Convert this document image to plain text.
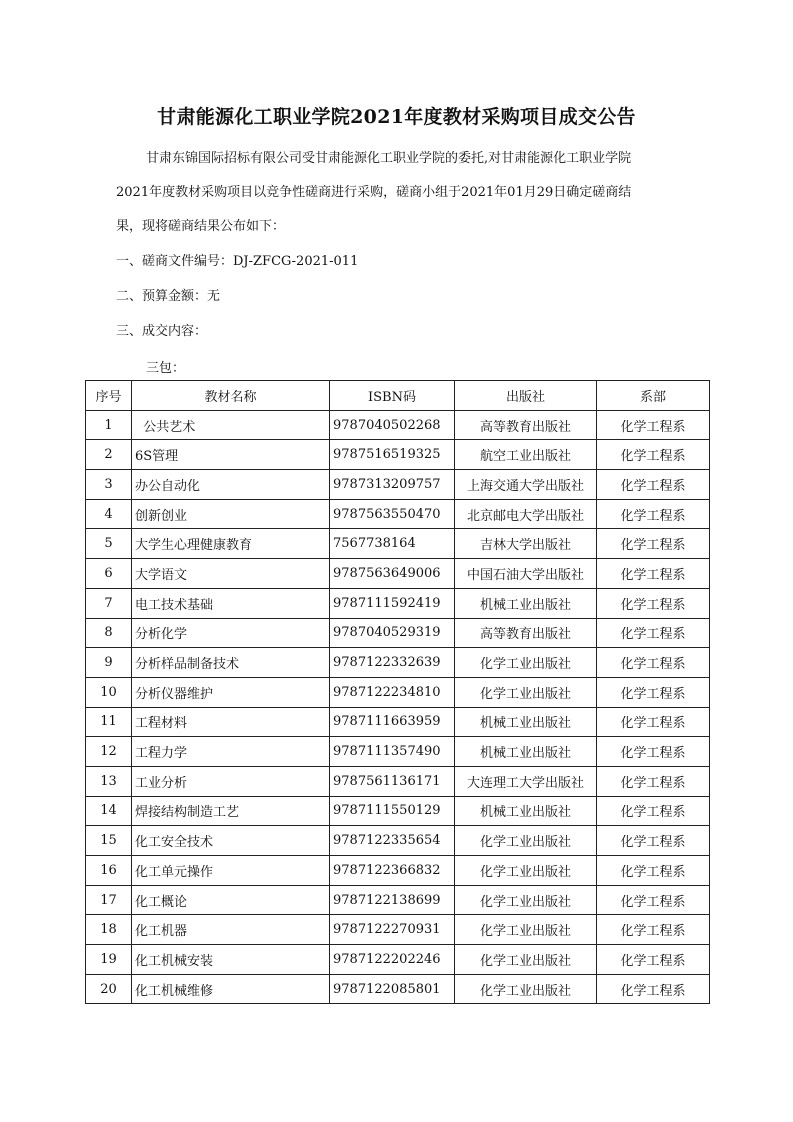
甘肃能源化工职业学院2021年度教材采购项目成交公告
甘肃东锦国际招标有限公司受甘肃能源化工职业学院的委托,对甘肃能源化工职业学院
2021年度教材采购项目以竞争性磋商进行采购，磋商小组于2021年01月29日确定磋商结
果，现将磋商结果公布如下：
一、磋商文件编号：DJ-ZFCG-2021-011
二、预算金额：无
三、成交内容：
三包：
序号	教材名称	ISBN码	出版社	系部
1	公共艺术	9787040502268	高等教育出版社	化学工程系
2	6S管理	9787516519325	航空工业出版社	化学工程系
3	办公自动化	9787313209757	上海交通大学出版社	化学工程系
4	创新创业	9787563550470	北京邮电大学出版社	化学工程系
5	大学生心理健康教育	7567738164	吉林大学出版社	化学工程系
6	大学语文	9787563649006	中国石油大学出版社	化学工程系
7	电工技术基础	9787111592419	机械工业出版社	化学工程系
8	分析化学	9787040529319	高等教育出版社	化学工程系
9	分析样品制备技术	9787122332639	化学工业出版社	化学工程系
10	分析仪器维护	9787122234810	化学工业出版社	化学工程系
11	工程材料	9787111663959	机械工业出版社	化学工程系
12	工程力学	9787111357490	机械工业出版社	化学工程系
13	工业分析	9787561136171	大连理工大学出版社	化学工程系
14	焊接结构制造工艺	9787111550129	机械工业出版社	化学工程系
15	化工安全技术	9787122335654	化学工业出版社	化学工程系
16	化工单元操作	9787122366832	化学工业出版社	化学工程系
17	化工概论	9787122138699	化学工业出版社	化学工程系
18	化工机器	9787122270931	化学工业出版社	化学工程系
19	化工机械安装	9787122202246	化学工业出版社	化学工程系
20	化工机械维修	9787122085801	化学工业出版社	化学工程系
